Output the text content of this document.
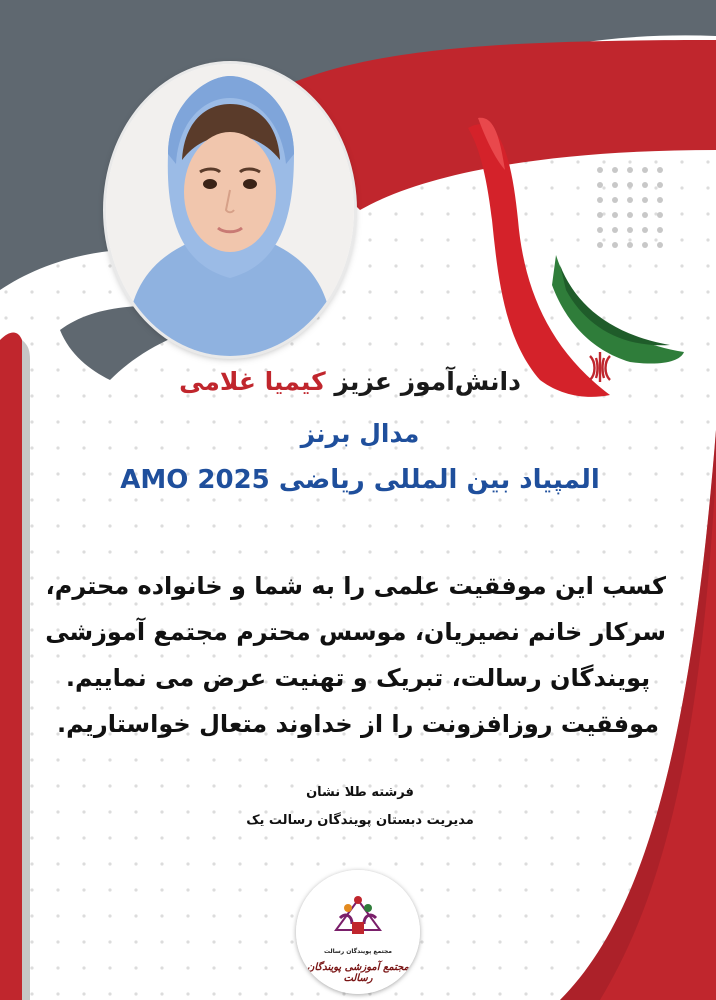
دانش‌آموز عزیز کیمیا غلامی
مدال برنز
المپیاد بین المللی ریاضی AMO 2025
کسب این موفقیت علمی را به شما و خانواده محترم،
سرکار خانم نصیریان، موسس محترم مجتمع آموزشی
پویندگان رسالت، تبریک و تهنیت عرض می نماییم.
موفقیت روزافزونت را از خداوند متعال خواستاریم.
فرشته طلا نشان
مدیریت دبستان پویندگان رسالت یک
مجتمع پویندگان رسالت
مجتمع آموزشی پویندگان رسالت
